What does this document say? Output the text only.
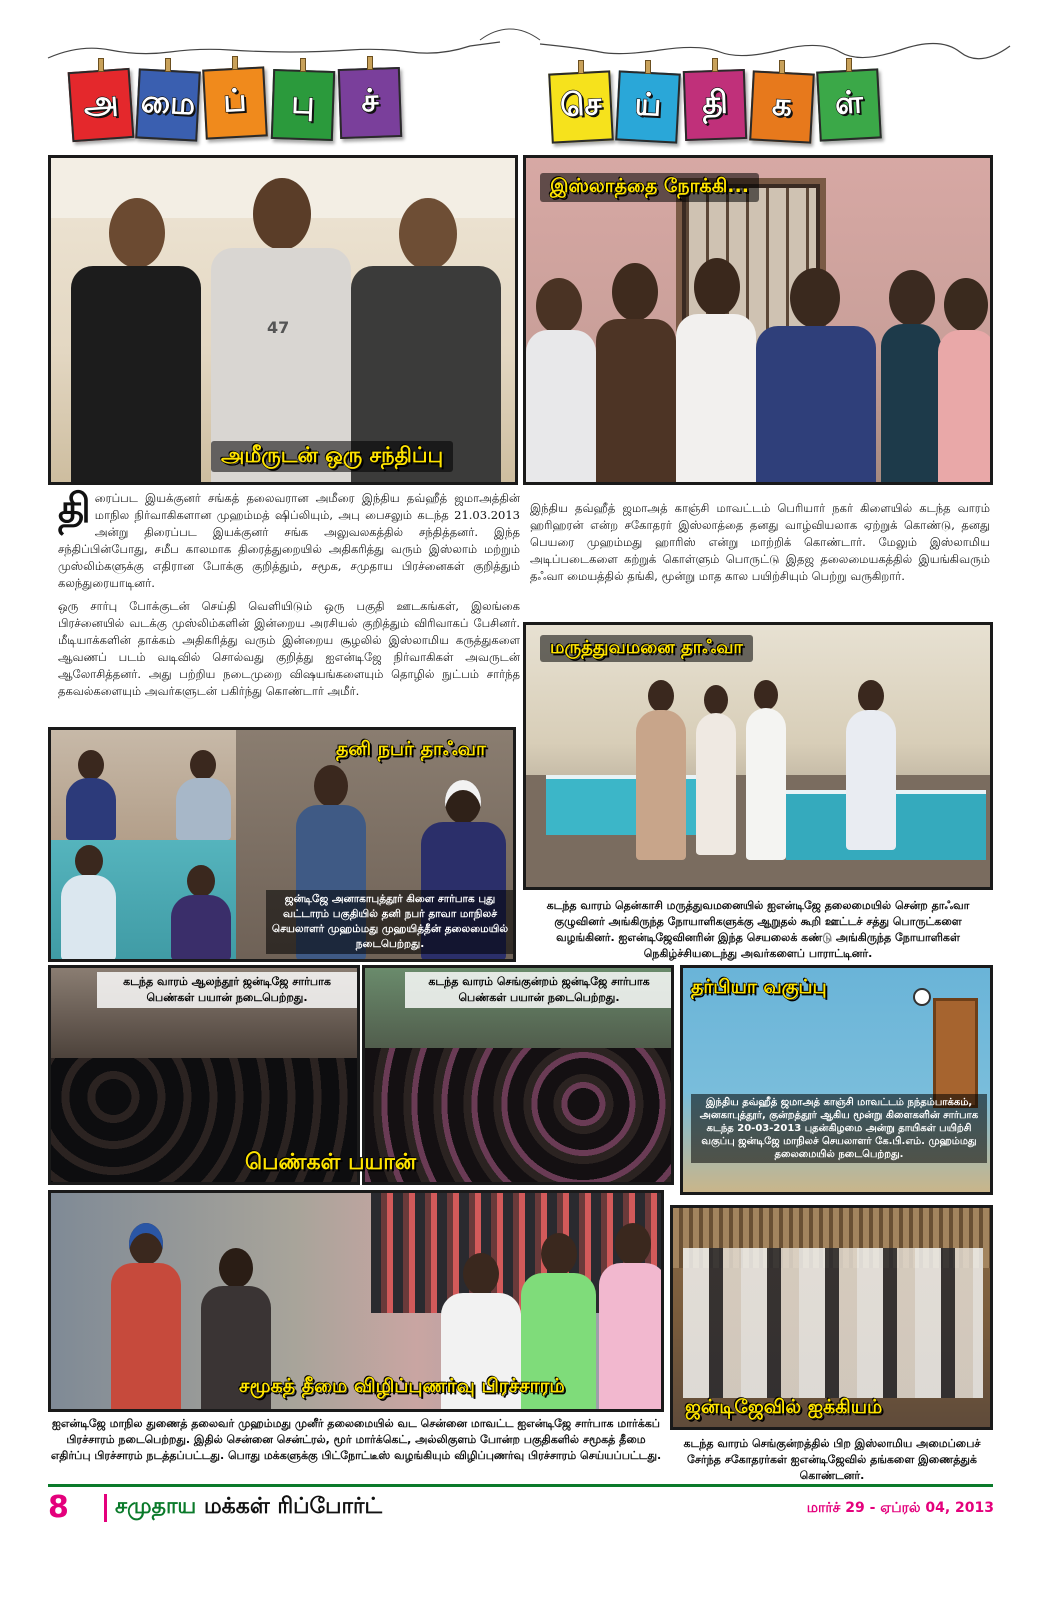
அ மை ப் பு ச்	செ ய் தி க ள்
47
அமீருடன் ஒரு சந்திப்பு
இஸ்லாத்தை நோக்கி...

திரைப்பட இயக்குனர் சங்கத் தலைவரான அமீரை இந்திய தவ்ஹீத் ஜமாஅத்தின் மாநில நிர்வாகிகளான முஹம்மத் ஷிப்லியும், அபு பைசலும் கடந்த 21.03.2013 அன்று திரைப்பட இயக்குனர் சங்க அலுவலகத்தில் சந்தித்தனர். இந்த சந்திப்பின்போது, சமீப காலமாக திரைத்துறையில் அதிகரித்து வரும் இஸ்லாம் மற்றும் முஸ்லிம்களுக்கு எதிரான போக்கு குறித்தும், சமூக, சமுதாய பிரச்னைகள் குறித்தும் கலந்துரையாடினர்.

ஒரு சார்பு போக்குடன் செய்தி வெளியிடும் ஒரு பகுதி ஊடகங்கள், இலங்கை பிரச்னையில் வடக்கு முஸ்லிம்களின் இன்றைய அரசியல் குறித்தும் விரிவாகப் பேசினர். மீடியாக்களின் தாக்கம் அதிகரித்து வரும் இன்றைய சூழலில் இஸ்லாமிய கருத்துகளை ஆவணப் படம் வடிவில் சொல்வது குறித்து ஐஎன்டிஜே நிர்வாகிகள் அவருடன் ஆலோசித்தனர். அது பற்றிய நடைமுறை விஷயங்களையும் தொழில் நுட்பம் சார்ந்த தகவல்களையும் அவர்களுடன் பகிர்ந்து கொண்டார் அமீர்.

இந்திய தவ்ஹீத் ஜமாஅத் காஞ்சி மாவட்டம் பெரியார் நகர் கிளையில் கடந்த வாரம் ஹரிஹரன் என்ற சகோதரர் இஸ்லாத்தை தனது வாழ்வியலாக ஏற்றுக் கொண்டு, தனது பெயரை முஹம்மது ஹாரிஸ் என்று மாற்றிக் கொண்டார். மேலும் இஸ்லாமிய அடிப்படைகளை கற்றுக் கொள்ளும் பொருட்டு இதஜ தலைமையகத்தில் இயங்கிவரும் தஃவா மையத்தில் தங்கி, மூன்று மாத கால பயிற்சியும் பெற்று வருகிறார்.

தனி நபர் தாஃவா
ஜன்டிஜே அனாகாபுத்தூர் கிளை சார்பாக புது வட்டாரம் பகுதியில் தனி நபர் தாவா மாநிலச் செயலாளர் முஹம்மது முஹயித்தீன் தலைமையில் நடைபெற்றது.
மருத்துவமனை தாஃவா
கடந்த வாரம் தென்காசி மருத்துவமனையில் ஐஎன்டிஜே தலைமையில் சென்ற தாஃவா குழுவினர் அங்கிருந்த நோயாளிகளுக்கு ஆறுதல் கூறி ஊட்டச் சத்து பொருட்களை வழங்கினர். ஐஎன்டிஜேவினரின் இந்த செயலைக் கண்டு அங்கிருந்த நோயாளிகள் நெகிழ்ச்சியடைந்து அவர்களைப் பாராட்டினர்.
கடந்த வாரம் ஆலந்தூர் ஜன்டிஜே சார்பாக பெண்கள் பயான் நடைபெற்றது.
கடந்த வாரம் செங்குன்றம் ஜன்டிஜே சார்பாக பெண்கள் பயான் நடைபெற்றது.
பெண்கள் பயான்
தர்பியா வகுப்பு
இந்திய தவ்ஹீத் ஜமாஅத் காஞ்சி மாவட்டம் நந்தம்பாக்கம், அனகாபுத்தூர், குன்றத்தூர் ஆகிய மூன்று கிளைகளின் சார்பாக கடந்த 20-03-2013 புதன்கிழமை அன்று தாயிகள் பயிற்சி வகுப்பு ஜன்டிஜே மாநிலச் செயலாளர் கே.பி.எம். முஹம்மது தலைமையில் நடைபெற்றது.
சமூகத் தீமை விழிப்புணர்வு பிரச்சாரம்
ஜன்டிஜேவில் ஐக்கியம்
ஐஎன்டிஜே மாநில துணைத் தலைவர் முஹம்மது முனீர் தலைமையில் வட சென்னை மாவட்ட ஐஎன்டிஜே சார்பாக மார்க்கப் பிரச்சாரம் நடைபெற்றது. இதில் சென்னை சென்ட்ரல், மூர் மார்க்கெட், அல்லிகுளம் போன்ற பகுதிகளில் சமூகத் தீமை எதிர்ப்பு பிரச்சாரம் நடத்தப்பட்டது. பொது மக்களுக்கு பிட்நோட்டீஸ் வழங்கியும் விழிப்புணர்வு பிரச்சாரம் செய்யப்பட்டது.
கடந்த வாரம் செங்குன்றத்தில் பிற இஸ்லாமிய அமைப்பைச் சேர்ந்த சகோதரர்கள் ஐஎன்டிஜேவில் தங்களை இணைத்துக் கொண்டனர்.
8	சமுதாய மக்கள் ரிப்போர்ட்	மார்ச் 29 - ஏப்ரல் 04, 2013
